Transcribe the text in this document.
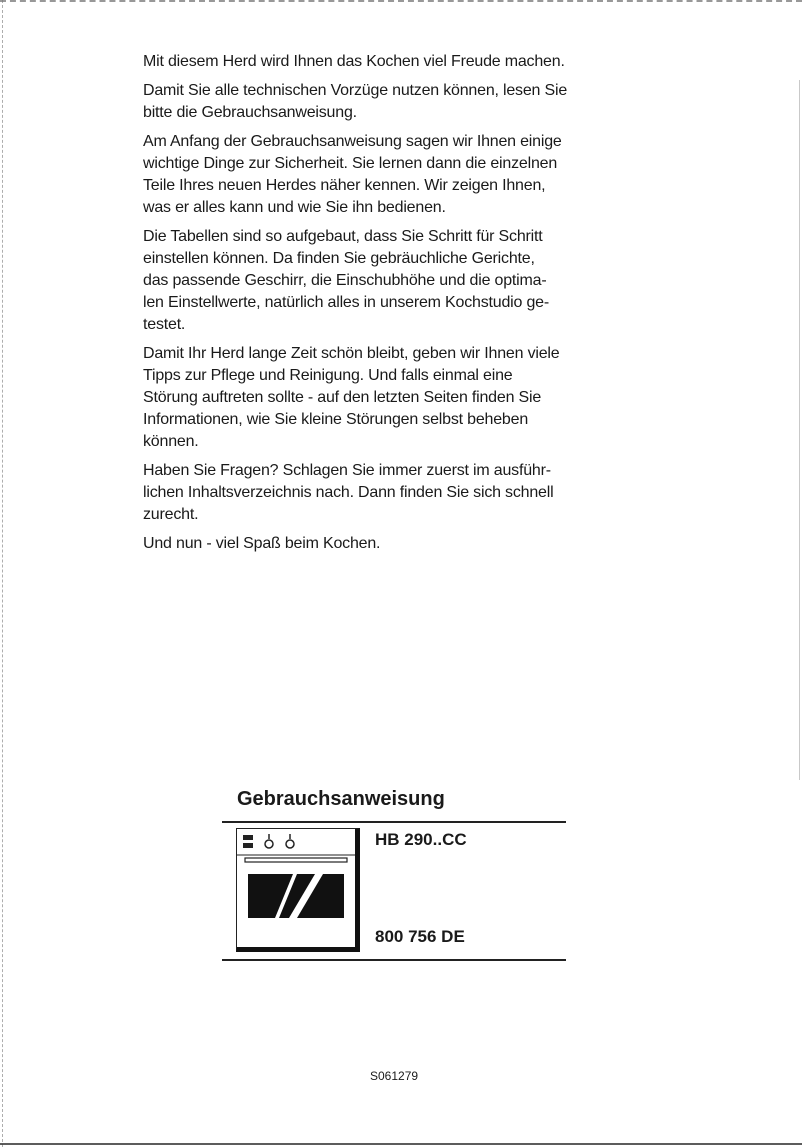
Mit diesem Herd wird Ihnen das Kochen viel Freude machen.
Damit Sie alle technischen Vorzüge nutzen können, lesen Sie
bitte die Gebrauchsanweisung.
Am Anfang der Gebrauchsanweisung sagen wir Ihnen einige
wichtige Dinge zur Sicherheit. Sie lernen dann die einzelnen
Teile Ihres neuen Herdes näher kennen. Wir zeigen Ihnen,
was er alles kann und wie Sie ihn bedienen.
Die Tabellen sind so aufgebaut, dass Sie Schritt für Schritt
einstellen können. Da finden Sie gebräuchliche Gerichte,
das passende Geschirr, die Einschubhöhe und die optima-
len Einstellwerte, natürlich alles in unserem Kochstudio ge-
testet.
Damit Ihr Herd lange Zeit schön bleibt, geben wir Ihnen viele
Tipps zur Pflege und Reinigung. Und falls einmal eine
Störung auftreten sollte - auf den letzten Seiten finden Sie
Informationen, wie Sie kleine Störungen selbst beheben
können.
Haben Sie Fragen? Schlagen Sie immer zuerst im ausführ-
lichen Inhaltsverzeichnis nach. Dann finden Sie sich schnell
zurecht.
Und nun - viel Spaß beim Kochen.
Gebrauchsanweisung
HB 290..CC
800 756 DE
S061279
